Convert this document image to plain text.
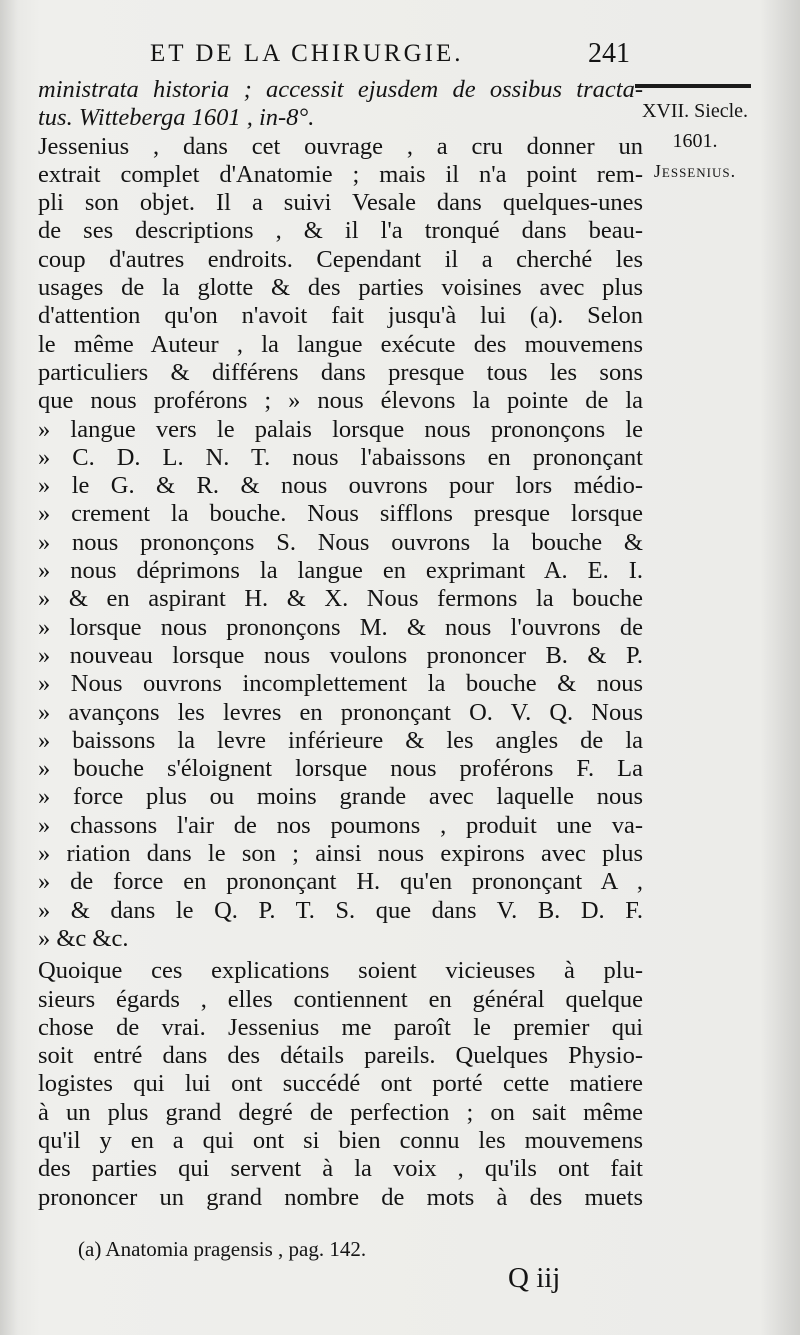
ET DE LA CHIRURGIE.	241
XVII. Siecle.
1601.
Jessenius.
ministrata historia ; accessit ejusdem de ossibus tracta-
tus. Witteberga 1601 , in-8°.
Jessenius , dans cet ouvrage , a cru donner un
extrait complet d'Anatomie ; mais il n'a point rem-
pli son objet. Il a suivi Vesale dans quelques-unes
de ses descriptions , & il l'a tronqué dans beau-
coup d'autres endroits. Cependant il a cherché les
usages de la glotte & des parties voisines avec plus
d'attention qu'on n'avoit fait jusqu'à lui (a). Selon
le même Auteur , la langue exécute des mouvemens
particuliers & différens dans presque tous les sons
que nous proférons ; » nous élevons la pointe de la
» langue vers le palais lorsque nous prononçons le
» C. D. L. N. T. nous l'abaissons en prononçant
» le G. & R. & nous ouvrons pour lors médio-
» crement la bouche. Nous sifflons presque lorsque
» nous prononçons S. Nous ouvrons la bouche &
» nous déprimons la langue en exprimant A. E. I.
» & en aspirant H. & X. Nous fermons la bouche
» lorsque nous prononçons M. & nous l'ouvrons de
» nouveau lorsque nous voulons prononcer B. & P.
» Nous ouvrons incomplettement la bouche & nous
» avançons les levres en prononçant O. V. Q. Nous
» baissons la levre inférieure & les angles de la
» bouche s'éloignent lorsque nous proférons F. La
» force plus ou moins grande avec laquelle nous
» chassons l'air de nos poumons , produit une va-
» riation dans le son ; ainsi nous expirons avec plus
» de force en prononçant H. qu'en prononçant A ,
» & dans le Q. P. T. S. que dans V. B. D. F.
» &c &c.
Quoique ces explications soient vicieuses à plu-
sieurs égards , elles contiennent en général quelque
chose de vrai. Jessenius me paroît le premier qui
soit entré dans des détails pareils. Quelques Physio-
logistes qui lui ont succédé ont porté cette matiere
à un plus grand degré de perfection ; on sait même
qu'il y en a qui ont si bien connu les mouvemens
des parties qui servent à la voix , qu'ils ont fait
prononcer un grand nombre de mots à des muets
(a) Anatomia pragensis , pag. 142.
Q iij
